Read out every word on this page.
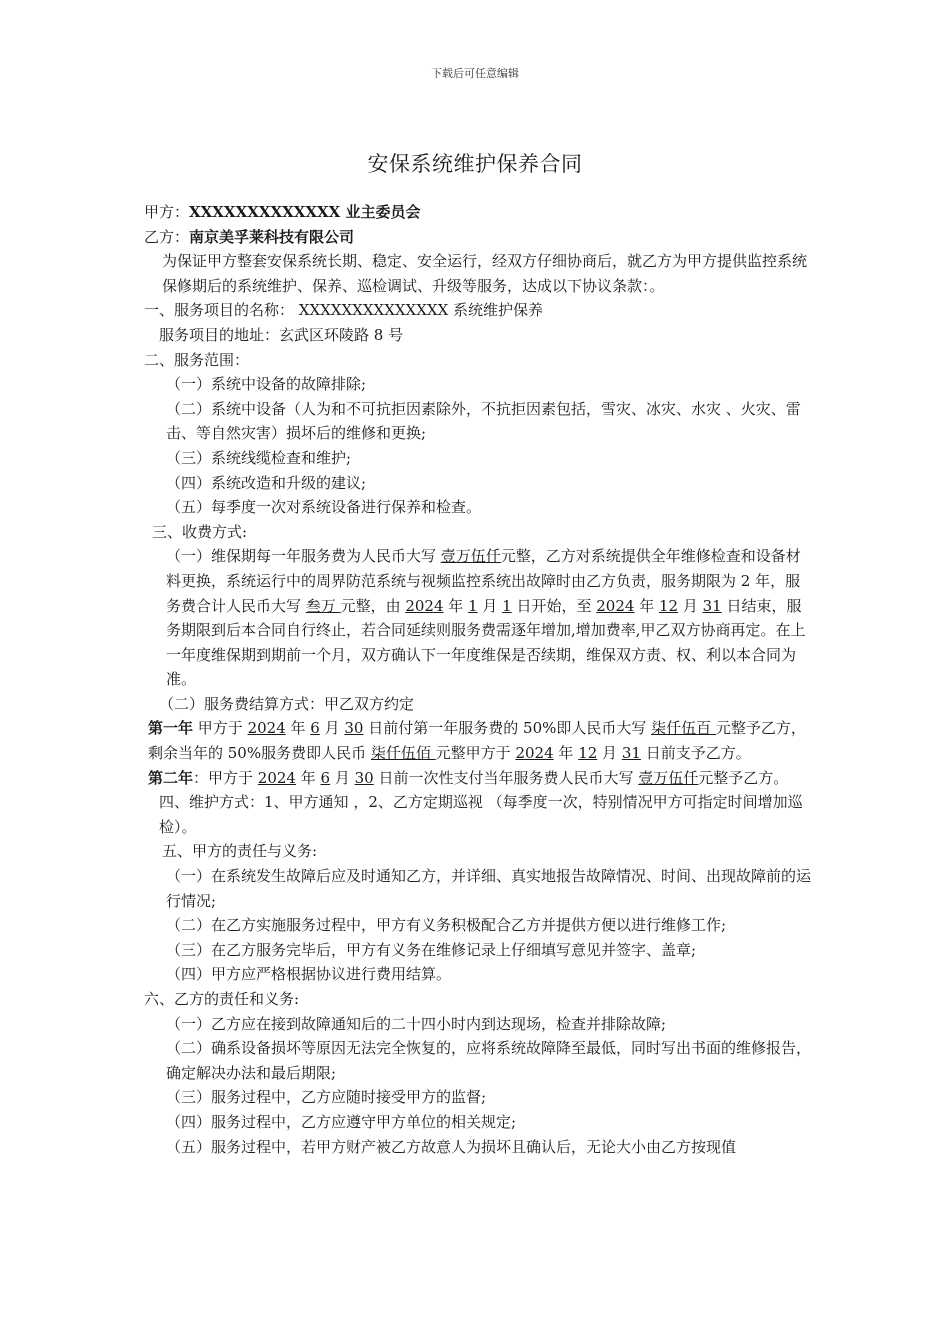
下载后可任意编辑
安保系统维护保养合同

甲方：XXXXXXXXXXXXX 业主委员会

乙方：南京美孚莱科技有限公司

为保证甲方整套安保系统长期、稳定、安全运行，经双方仔细协商后，就乙方为甲方提供监控系统保修期后的系统维护、保养、巡检调试、升级等服务，达成以下协议条款：。

一、服务项目的名称： XXXXXXXXXXXXXX 系统维护保养

服务项目的地址：玄武区环陵路 8 号

二、服务范围：

（一）系统中设备的故障排除;

（二）系统中设备（人为和不可抗拒因素除外，不抗拒因素包括，雪灾、冰灾、水灾 、火灾、雷击、等自然灾害）损坏后的维修和更换;

（三）系统线缆检查和维护;

（四）系统改造和升级的建议;

（五）每季度一次对系统设备进行保养和检查。

三、收费方式:

（一）维保期每一年服务费为人民币大写 壹万伍仟元整，乙方对系统提供全年维修检查和设备材料更换，系统运行中的周界防范系统与视频监控系统出故障时由乙方负责，服务期限为 2 年，服务费合计人民币大写 叁万 元整，由 2024 年 1 月 1 日开始，至 2024 年 12 月 31 日结束，服务期限到后本合同自行终止，若合同延续则服务费需逐年增加,增加费率,甲乙双方协商再定。在上一年度维保期到期前一个月，双方确认下一年度维保是否续期，维保双方责、权、利以本合同为准。

（二）服务费结算方式：甲乙双方约定

第一年 甲方于 2024 年 6 月 30 日前付第一年服务费的 50%即人民币大写 柒仟伍百 元整予乙方，剩余当年的 50%服务费即人民币 柒仟伍佰 元整甲方于 2024 年 12 月 31 日前支予乙方。

第二年：甲方于 2024 年 6 月 30 日前一次性支付当年服务费人民币大写 壹万伍仟元整予乙方。

四、维护方式：1、甲方通知 ，2、乙方定期巡视 （每季度一次，特别情况甲方可指定时间增加巡检）。

五、甲方的责任与义务:

（一）在系统发生故障后应及时通知乙方，并详细、真实地报告故障情况、时间、出现故障前的运行情况;

（二）在乙方实施服务过程中，甲方有义务积极配合乙方并提供方便以进行维修工作;

（三）在乙方服务完毕后，甲方有义务在维修记录上仔细填写意见并签字、盖章;

（四）甲方应严格根据协议进行费用结算。

六、乙方的责任和义务:

（一）乙方应在接到故障通知后的二十四小时内到达现场，检查并排除故障;

（二）确系设备损坏等原因无法完全恢复的，应将系统故障降至最低，同时写出书面的维修报告，确定解决办法和最后期限;

（三）服务过程中，乙方应随时接受甲方的监督;

（四）服务过程中，乙方应遵守甲方单位的相关规定;

（五）服务过程中，若甲方财产被乙方故意人为损坏且确认后，无论大小由乙方按现值
